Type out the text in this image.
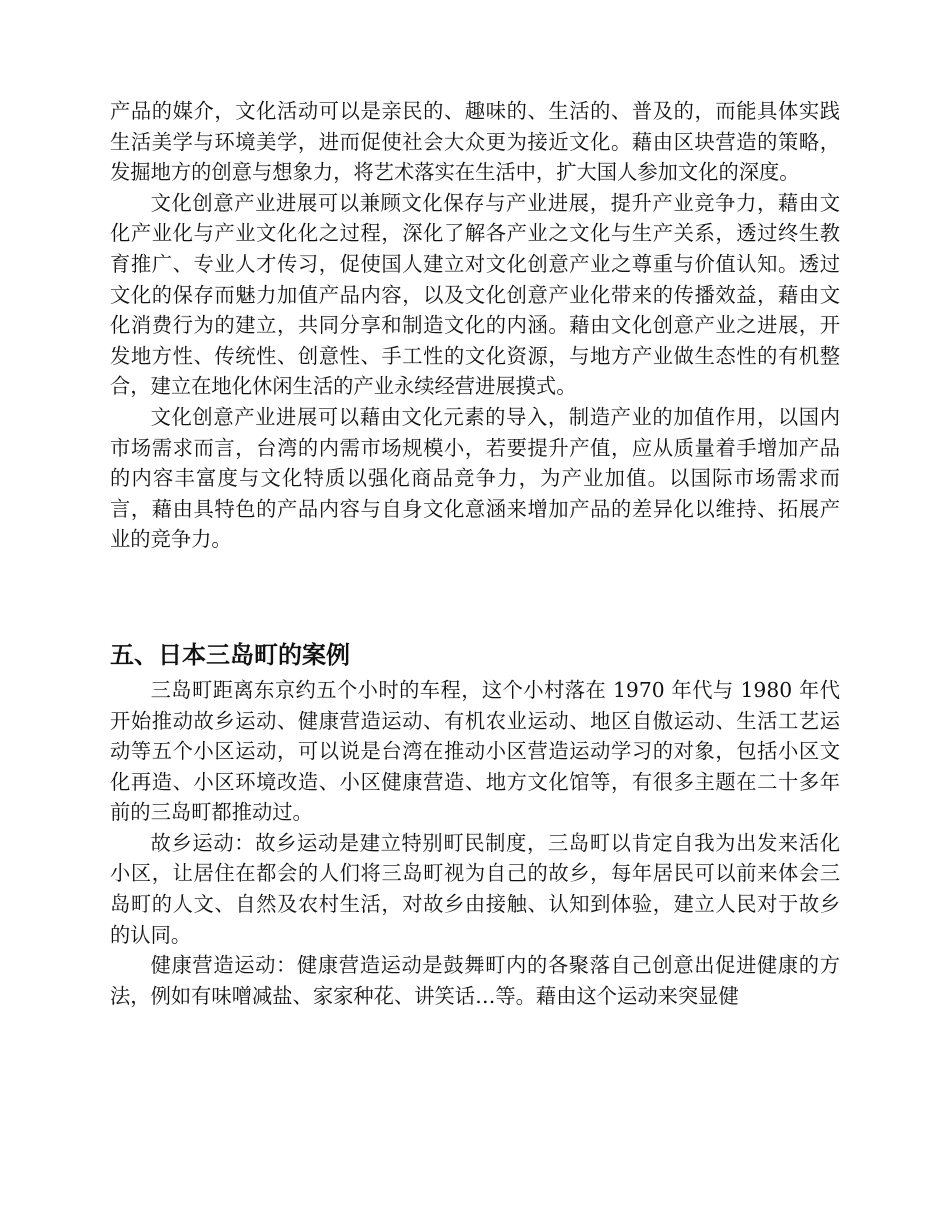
产品的媒介，文化活动可以是亲民的、趣味的、生活的、普及的，而能具体实践生活美学与环境美学，进而促使社会大众更为接近文化。藉由区块营造的策略，发掘地方的创意与想象力，将艺术落实在生活中，扩大国人参加文化的深度。

文化创意产业进展可以兼顾文化保存与产业进展，提升产业竞争力，藉由文化产业化与产业文化化之过程，深化了解各产业之文化与生产关系，透过终生教育推广、专业人才传习，促使国人建立对文化创意产业之尊重与价值认知。透过文化的保存而魅力加值产品内容，以及文化创意产业化带来的传播效益，藉由文化消费行为的建立，共同分享和制造文化的内涵。藉由文化创意产业之进展，开发地方性、传统性、创意性、手工性的文化资源，与地方产业做生态性的有机整合，建立在地化休闲生活的产业永续经营进展摸式。

文化创意产业进展可以藉由文化元素的导入，制造产业的加值作用，以国内市场需求而言，台湾的内需市场规模小，若要提升产值，应从质量着手增加产品的内容丰富度与文化特质以强化商品竞争力，为产业加值。以国际市场需求而言，藉由具特色的产品内容与自身文化意涵来增加产品的差异化以维持、拓展产业的竞争力。

五、日本三岛町的案例

三岛町距离东京约五个小时的车程，这个小村落在 1970 年代与 1980 年代开始推动故乡运动、健康营造运动、有机农业运动、地区自傲运动、生活工艺运动等五个小区运动，可以说是台湾在推动小区营造运动学习的对象，包括小区文化再造、小区环境改造、小区健康营造、地方文化馆等，有很多主题在二十多年前的三岛町都推动过。

故乡运动：故乡运动是建立特别町民制度，三岛町以肯定自我为出发来活化小区，让居住在都会的人们将三岛町视为自己的故乡，每年居民可以前来体会三岛町的人文、自然及农村生活，对故乡由接触、认知到体验，建立人民对于故乡的认同。

健康营造运动：健康营造运动是鼓舞町内的各聚落自己创意出促进健康的方法，例如有味噌减盐、家家种花、讲笑话…等。藉由这个运动来突显健
